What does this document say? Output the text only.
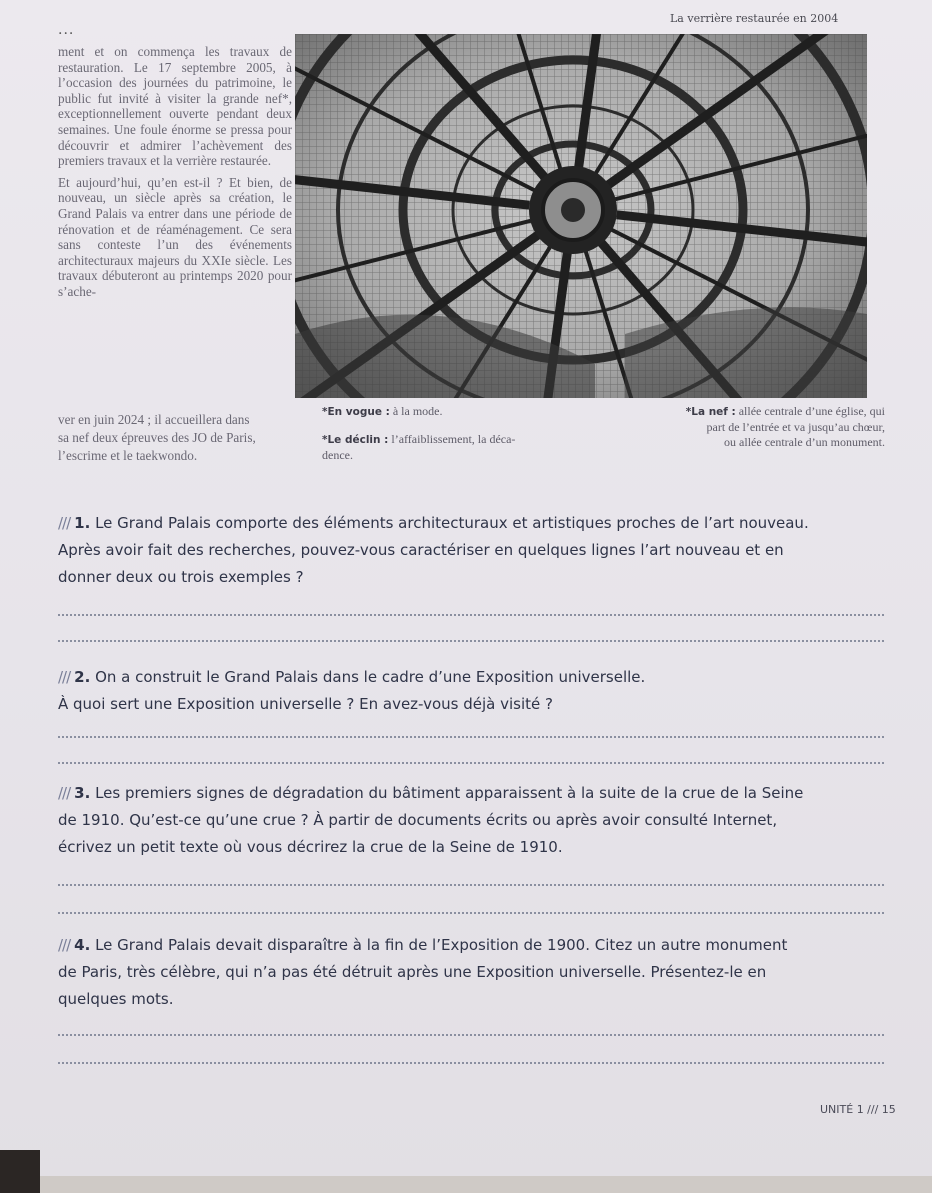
...
La verrière restaurée en 2004

ment et on commença les travaux de restauration. Le 17 septembre 2005, à l’occasion des journées du patrimoine, le public fut invité à visiter la grande nef*, exceptionnellement ouverte pendant deux semaines. Une foule énorme se pressa pour découvrir et admirer l’achèvement des premiers travaux et la verrière restaurée.

Et aujourd’hui, qu’en est-il ? Et bien, de nouveau, un siècle après sa création, le Grand Palais va entrer dans une période de rénovation et de réaménagement. Ce sera sans conteste l’un des événements architecturaux majeurs du XXIe siècle. Les travaux débuteront au printemps 2020 pour s’ache-

ver en juin 2024 ; il accueillera dans
sa nef deux épreuves des JO de Paris,
l’escrime et le taekwondo.
*En vogue : à la mode.
*Le déclin : l’affaiblissement, la déca-
dence.
*La nef : allée centrale d’une église, qui
part de l’entrée et va jusqu’au chœur,
ou allée centrale d’un monument.
/// 1. Le Grand Palais comporte des éléments architecturaux et artistiques proches de l’art nouveau.
Après avoir fait des recherches, pouvez-vous caractériser en quelques lignes l’art nouveau et en
donner deux ou trois exemples ?
/// 2. On a construit le Grand Palais dans le cadre d’une Exposition universelle.
À quoi sert une Exposition universelle ? En avez-vous déjà visité ?
/// 3. Les premiers signes de dégradation du bâtiment apparaissent à la suite de la crue de la Seine
de 1910. Qu’est-ce qu’une crue ? À partir de documents écrits ou après avoir consulté Internet,
écrivez un petit texte où vous décrirez la crue de la Seine de 1910.
/// 4. Le Grand Palais devait disparaître à la fin de l’Exposition de 1900. Citez un autre monument
de Paris, très célèbre, qui n’a pas été détruit après une Exposition universelle. Présentez-le en
quelques mots.
UNITÉ 1 /// 15
